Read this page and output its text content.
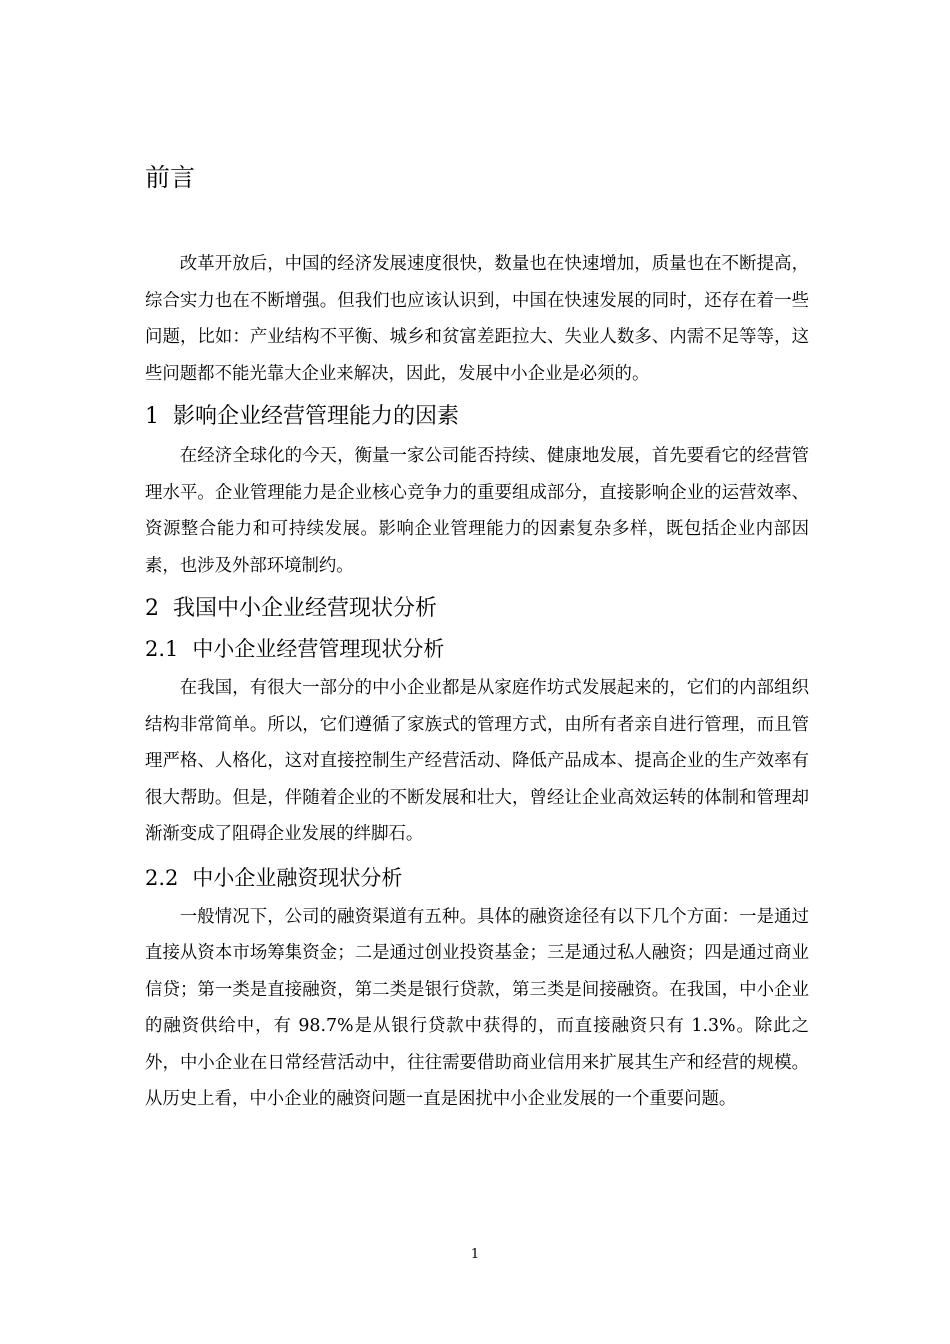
前言

改革开放后，中国的经济发展速度很快，数量也在快速增加，质量也在不断提高，综合实力也在不断增强。但我们也应该认识到，中国在快速发展的同时，还存在着一些问题，比如：产业结构不平衡、城乡和贫富差距拉大、失业人数多、内需不足等等，这些问题都不能光靠大企业来解决，因此，发展中小企业是必须的。

1 影响企业经营管理能力的因素

在经济全球化的今天，衡量一家公司能否持续、健康地发展，首先要看它的经营管理水平。企业管理能力是企业核心竞争力的重要组成部分，直接影响企业的运营效率、资源整合能力和可持续发展。影响企业管理能力的因素复杂多样，既包括企业内部因素，也涉及外部环境制约。

2 我国中小企业经营现状分析
2.1 中小企业经营管理现状分析

在我国，有很大一部分的中小企业都是从家庭作坊式发展起来的，它们的内部组织结构非常简单。所以，它们遵循了家族式的管理方式，由所有者亲自进行管理，而且管理严格、人格化，这对直接控制生产经营活动、降低产品成本、提高企业的生产效率有很大帮助。但是，伴随着企业的不断发展和壮大，曾经让企业高效运转的体制和管理却渐渐变成了阻碍企业发展的绊脚石。

2.2 中小企业融资现状分析

一般情况下，公司的融资渠道有五种。具体的融资途径有以下几个方面：一是通过直接从资本市场筹集资金；二是通过创业投资基金；三是通过私人融资；四是通过商业信贷；第一类是直接融资，第二类是银行贷款，第三类是间接融资。在我国，中小企业的融资供给中，有 98.7%是从银行贷款中获得的，而直接融资只有 1.3%。除此之外，中小企业在日常经营活动中，往往需要借助商业信用来扩展其生产和经营的规模。从历史上看，中小企业的融资问题一直是困扰中小企业发展的一个重要问题。

1
